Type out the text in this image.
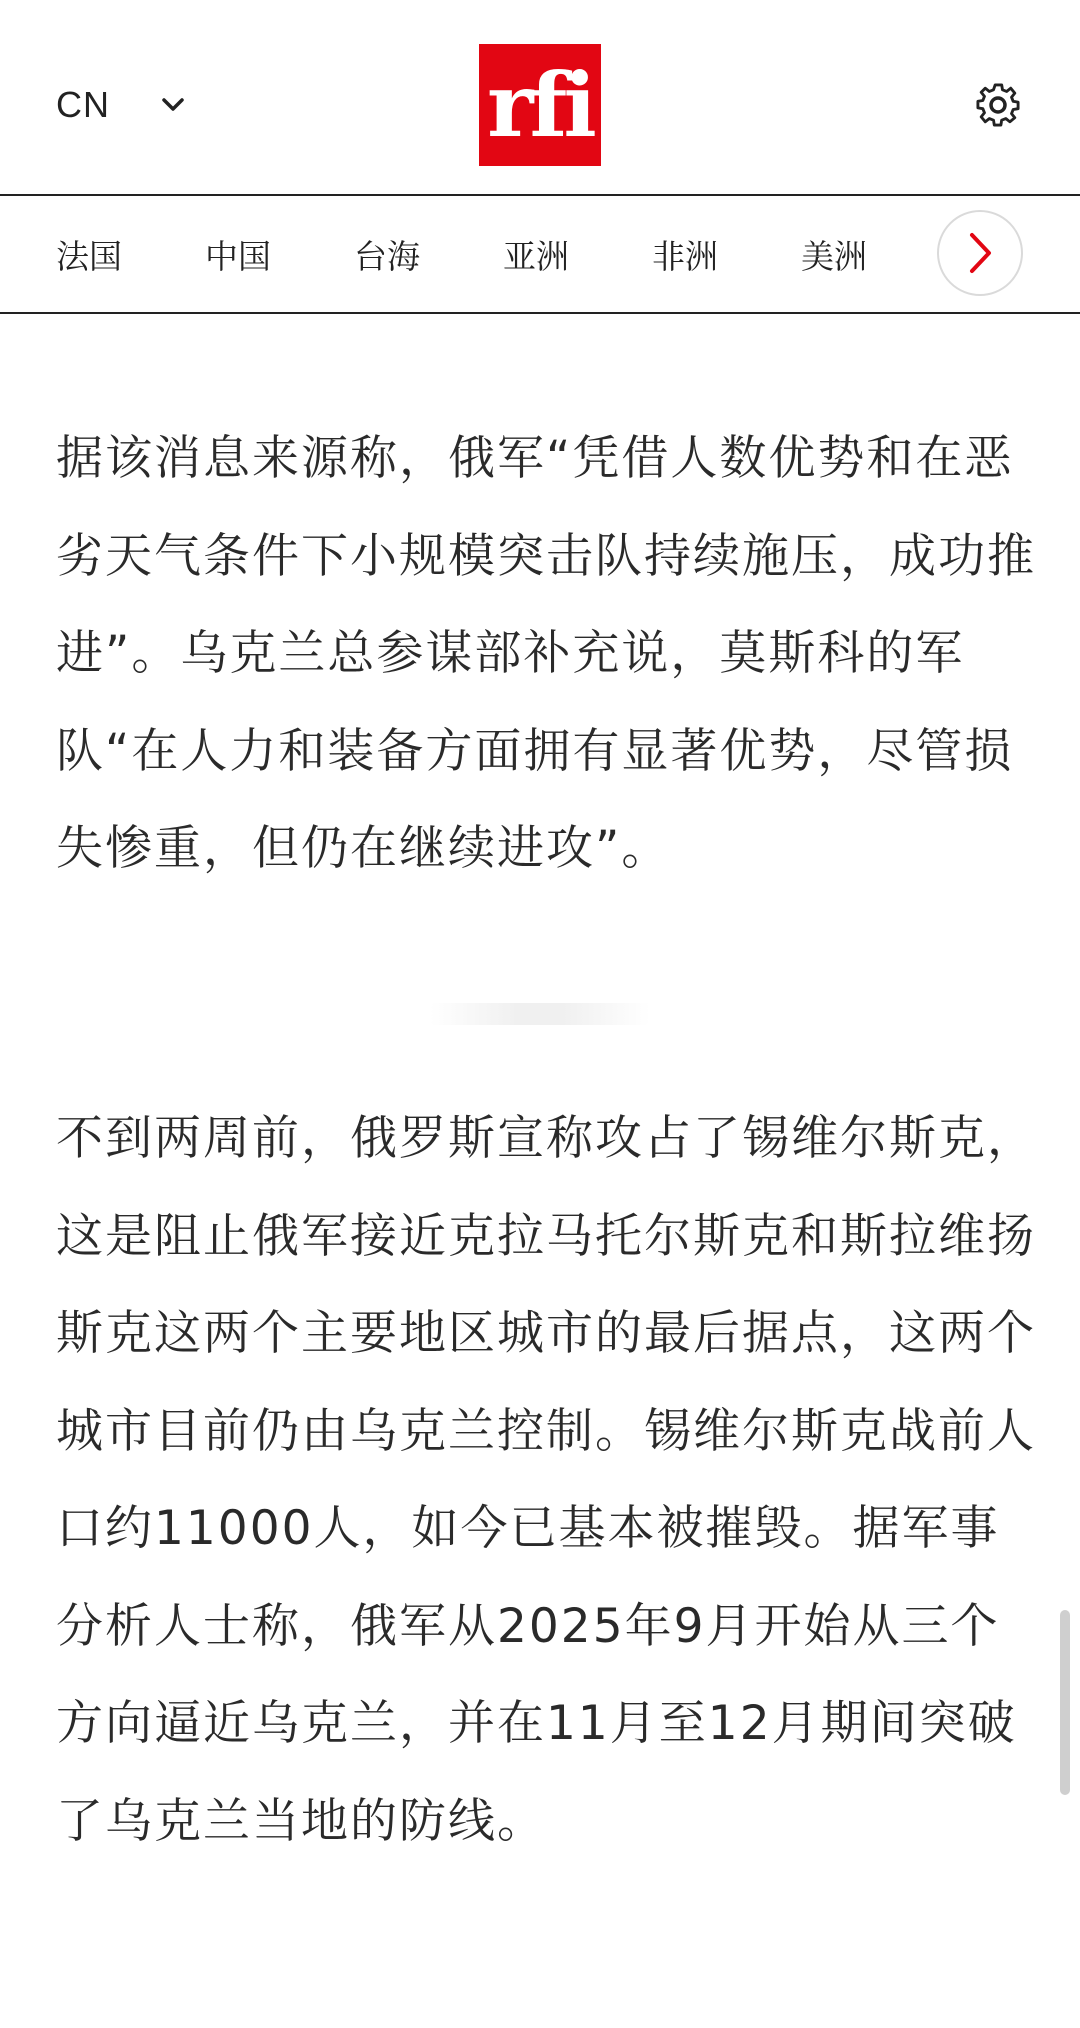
CN	rfi
法国	中国	台海	亚洲	非洲	美洲

据该消息来源称，俄军“凭借人数优势和在恶劣天气条件下小规模突击队持续施压，成功推进”。乌克兰总参谋部补充说，莫斯科的军队“在人力和装备方面拥有显著优势，尽管损失惨重，但仍在继续进攻”。

不到两周前，俄罗斯宣称攻占了锡维尔斯克，这是阻止俄军接近克拉马托尔斯克和斯拉维扬斯克这两个主要地区城市的最后据点，这两个城市目前仍由乌克兰控制。锡维尔斯克战前人口约11000人，如今已基本被摧毁。据军事分析人士称，俄军从2025年9月开始从三个方向逼近乌克兰，并在11月至12月期间突破了乌克兰当地的防线。
